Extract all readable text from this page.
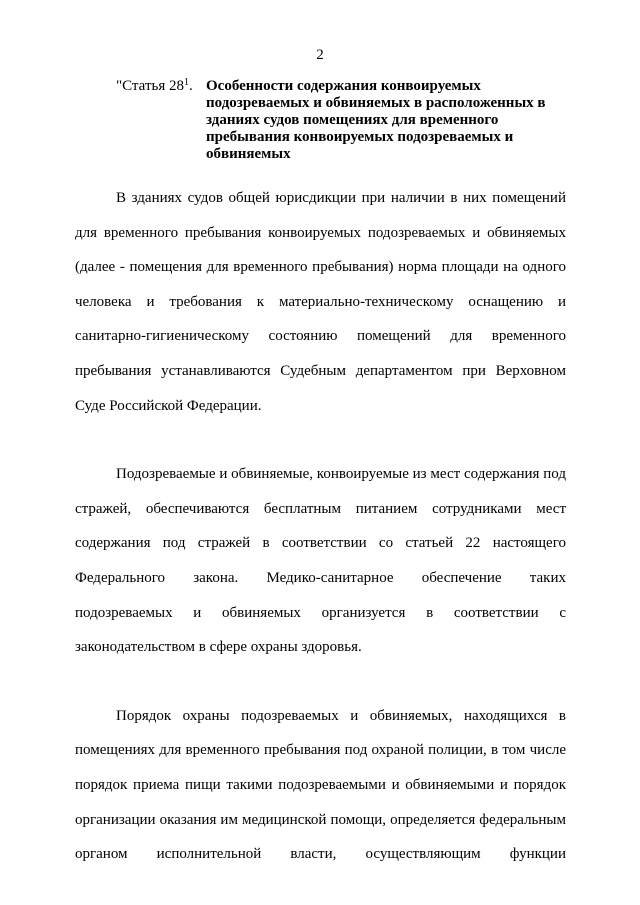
2
"Статья $28^1$. Особенности содержания конвоируемых подозреваемых и обвиняемых в расположенных в зданиях судов помещениях для временного пребывания конвоируемых подозреваемых и обвиняемых

В зданиях судов общей юрисдикции при наличии в них помещений для временного пребывания конвоируемых подозреваемых и обвиняемых (далее - помещения для временного пребывания) норма площади на одного человека и требования к материально-техническому оснащению и санитарно-гигиеническому состоянию помещений для временного пребывания устанавливаются Судебным департаментом при Верховном Суде Российской Федерации.

Подозреваемые и обвиняемые, конвоируемые из мест содержания под стражей, обеспечиваются бесплатным питанием сотрудниками мест содержания под стражей в соответствии со статьей 22 настоящего Федерального закона. Медико-санитарное обеспечение таких подозреваемых и обвиняемых организуется в соответствии с законодательством в сфере охраны здоровья.

Порядок охраны подозреваемых и обвиняемых, находящихся в помещениях для временного пребывания под охраной полиции, в том числе порядок приема пищи такими подозреваемыми и обвиняемыми и порядок организации оказания им медицинской помощи, определяется федеральным органом исполнительной власти, осуществляющим функции
